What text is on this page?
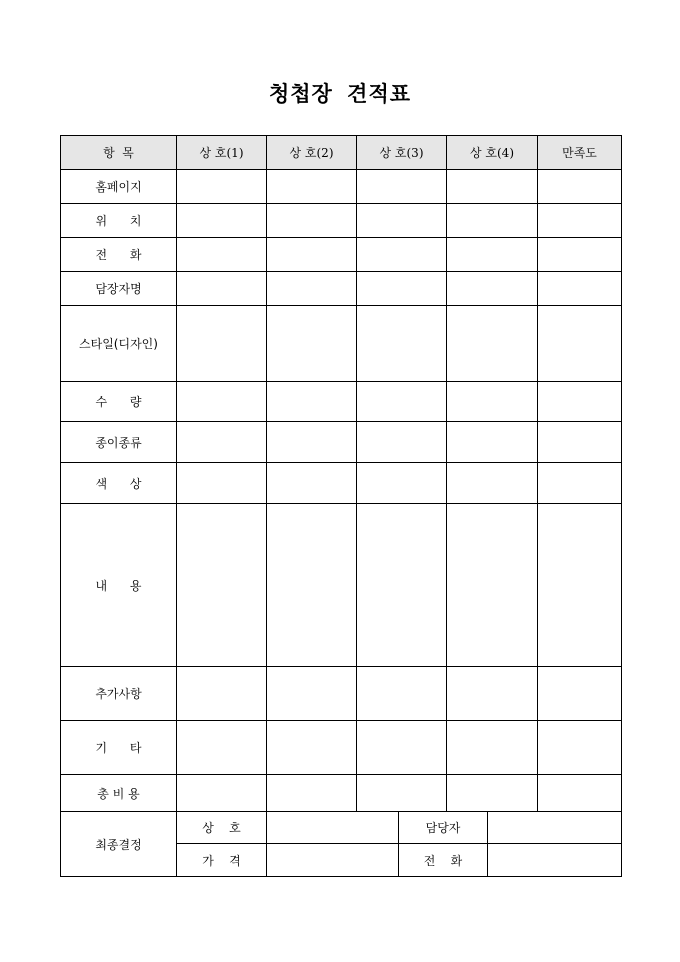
청첩장 견적표
항  목	상 호(1)	상 호(2)	상 호(3)		상 호(4)		만족도
홈페이지							
위      치							
전      화							
담장자명							
스타일(디자인)							
수      량							
종이종류							
색      상							
내      용							
추가사항							
기      타							
총 비 용							
최종결정	상    호			담당자			
	가    격			전    화			
